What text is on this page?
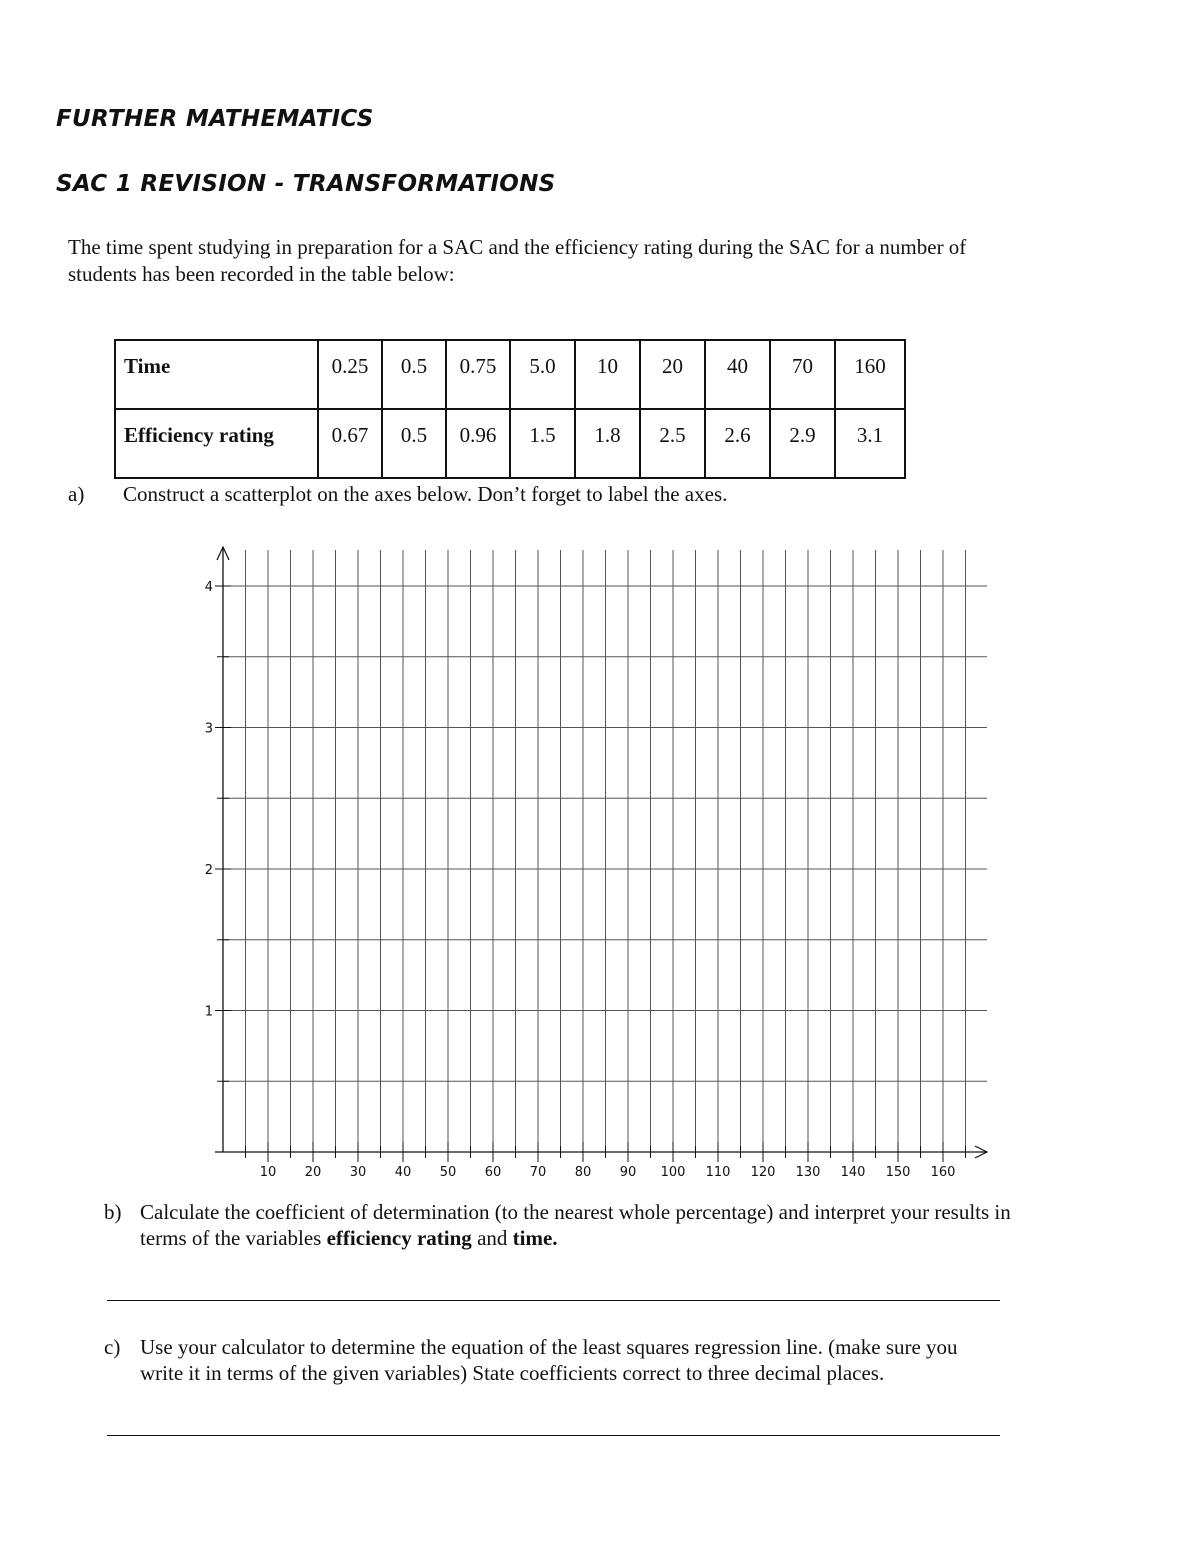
FURTHER MATHEMATICS
SAC 1 REVISION - TRANSFORMATIONS

The time spent studying in preparation for a SAC and the efficiency rating during the SAC for a number of

students has been recorded in the table below:

Time	0.25	0.5	0.75	5.0	10	20	40	70	160
Efficiency rating	0.67	0.5	0.96	1.5	1.8	2.5	2.6	2.9	3.1
a) Construct a scatterplot on the axes below. Don’t forget to label the axes.
10 20 30 40 50 60 70 80 90 100 110 120 130 140 150 160
1
2
3
4
b) Calculate the coefficient of determination (to the nearest whole percentage) and interpret your results in
terms of the variables efficiency rating and time.
c) Use your calculator to determine the equation of the least squares regression line. (make sure you
write it in terms of the given variables) State coefficients correct to three decimal places.
